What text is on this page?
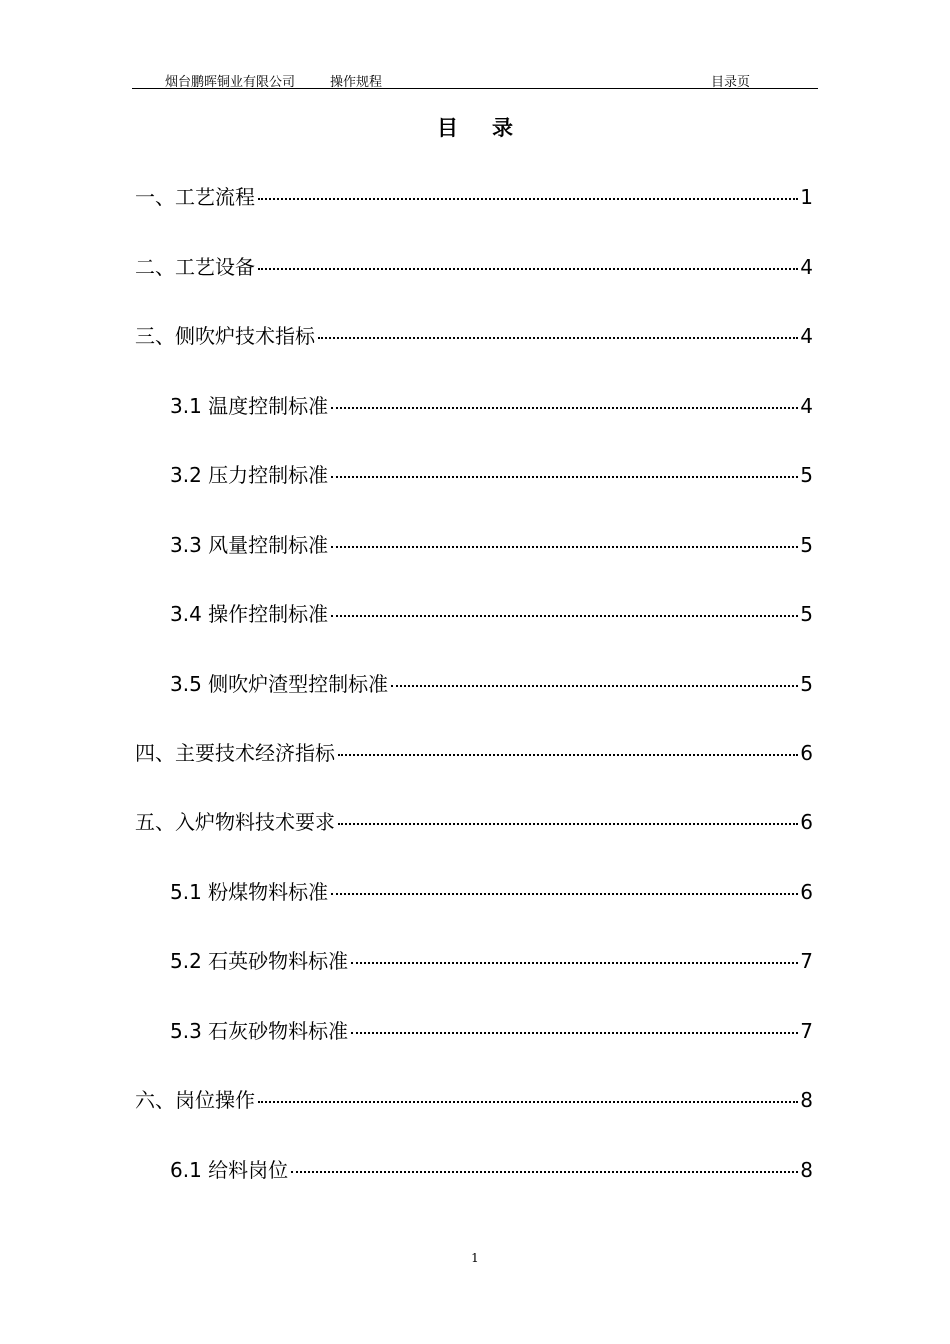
烟台鹏晖铜业有限公司	操作规程	目录页
目录
一、工艺流程	1
二、工艺设备	4
三、侧吹炉技术指标	4
3.1 温度控制标准	4
3.2 压力控制标准	5
3.3 风量控制标准	5
3.4 操作控制标准	5
3.5 侧吹炉渣型控制标准	5
四、主要技术经济指标	6
五、入炉物料技术要求	6
5.1 粉煤物料标准	6
5.2 石英砂物料标准	7
5.3 石灰砂物料标准	7
六、岗位操作	8
6.1 给料岗位	8
1
